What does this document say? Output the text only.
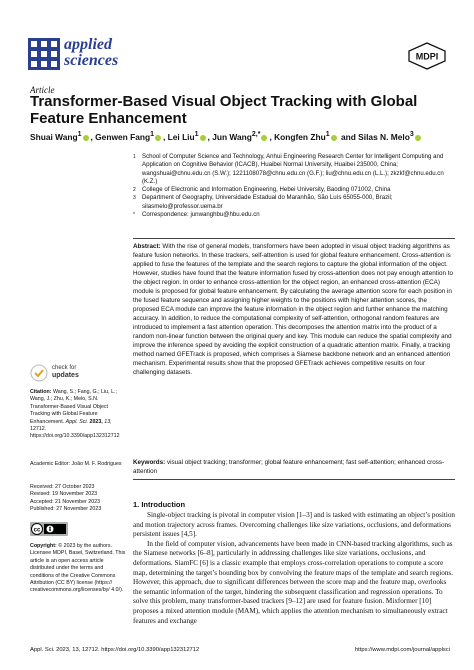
applied
sciences	MDPI
Article
Transformer-Based Visual Object Tracking with Global Feature Enhancement
Shuai Wang$^1$ , Genwen Fang$^1$ , Lei Liu$^1$ , Jun Wang$^{2,*}$ , Kongfen Zhu$^1$ and Silas N. Melo$^3$
1 School of Computer Science and Technology, Anhui Engineering Research Center for Intelligent Computing and Application on Cognitive Behavior (ICACB), Huaibei Normal University, Huaibei 235000, China; wangshuai@chnu.edu.cn (S.W.); 1221108078@chnu.edu.cn (G.F.); liu@chnu.edu.cn (L.L.); zkzkf@chnu.edu.cn (K.Z.)
2 College of Electronic and Information Engineering, Hebei University, Baoding 071002, China
3 Department of Geography, Universidade Estadual do Maranhão, São Luís 65055-000, Brazil; silasmelo@professor.uema.br
* Correspondence: junwanghbu@hbu.edu.cn
Abstract: With the rise of general models, transformers have been adopted in visual object tracking algorithms as feature fusion networks. In these trackers, self-attention is used for global feature enhancement. Cross-attention is applied to fuse the features of the template and the search regions to capture the global information of the object. However, studies have found that the feature information fused by cross-attention does not pay enough attention to the object region. In order to enhance cross-attention for the object region, an enhanced cross-attention (ECA) module is proposed for global feature enhancement. By calculating the average attention score for each position in the fused feature sequence and assigning higher weights to the positions with higher attention scores, the proposed ECA module can improve the feature information in the object region and further enhance the matching accuracy. In addition, to reduce the computational complexity of self-attention, orthogonal random features are introduced to implement a fast attention operation. This decomposes the attention matrix into the product of a random non-linear function between the original query and key. This module can reduce the spatial complexity and improve the inference speed by avoiding the explicit construction of a quadratic attention matrix. Finally, a tracking method named GFETrack is proposed, which comprises a Siamese backbone network and an enhanced attention mechanism. Experimental results show that the proposed GFETrack achieves competitive results on four challenging datasets.
Keywords: visual object tracking; transformer; global feature enhancement; fast self-attention; enhanced cross-attention
check for
updates
Citation: Wang, S.; Fang, G.; Liu, L.; Wang, J.; Zhu, K.; Melo, S.N. Transformer-Based Visual Object Tracking with Global Feature Enhancement. Appl. Sci. 2023, 13, 12712. https://doi.org/10.3390/app132312712
Academic Editor: João M. F. Rodrigues
Received: 27 October 2023
Revised: 19 November 2023
Accepted: 21 November 2023
Published: 27 November 2023
cc
Copyright: © 2023 by the authors. Licensee MDPI, Basel, Switzerland. This article is an open access article distributed under the terms and conditions of the Creative Commons Attribution (CC BY) license (https:// creativecommons.org/licenses/by/ 4.0/).
1. Introduction

Single-object tracking is pivotal in computer vision [1–3] and is tasked with estimating an object’s position and motion trajectory across frames. Overcoming challenges like size variations, occlusions, and deformations persistent issues [4,5].

In the field of computer vision, advancements have been made in CNN-based tracking algorithms, such as the Siamese networks [6–8], particularly in addressing challenges like size variations, occlusions, and deformations. SiamFC [6] is a classic example that employs cross-correlation operations to compute a score map, determining the target’s bounding box by convolving the feature maps of the template and search regions. However, this approach, due to significant differences between the score map and the feature map, overlooks the semantic information of the target, hindering the subsequent classification and regression operations. To solve this problem, many transformer-based trackers [9–12] are used for feature fusion. Mixformer [10] proposes a mixed attention module (MAM), which applies the attention mechanism to simultaneously extract features and exchange

Appl. Sci. 2023, 13, 12712. https://doi.org/10.3390/app132312712	https://www.mdpi.com/journal/applsci
